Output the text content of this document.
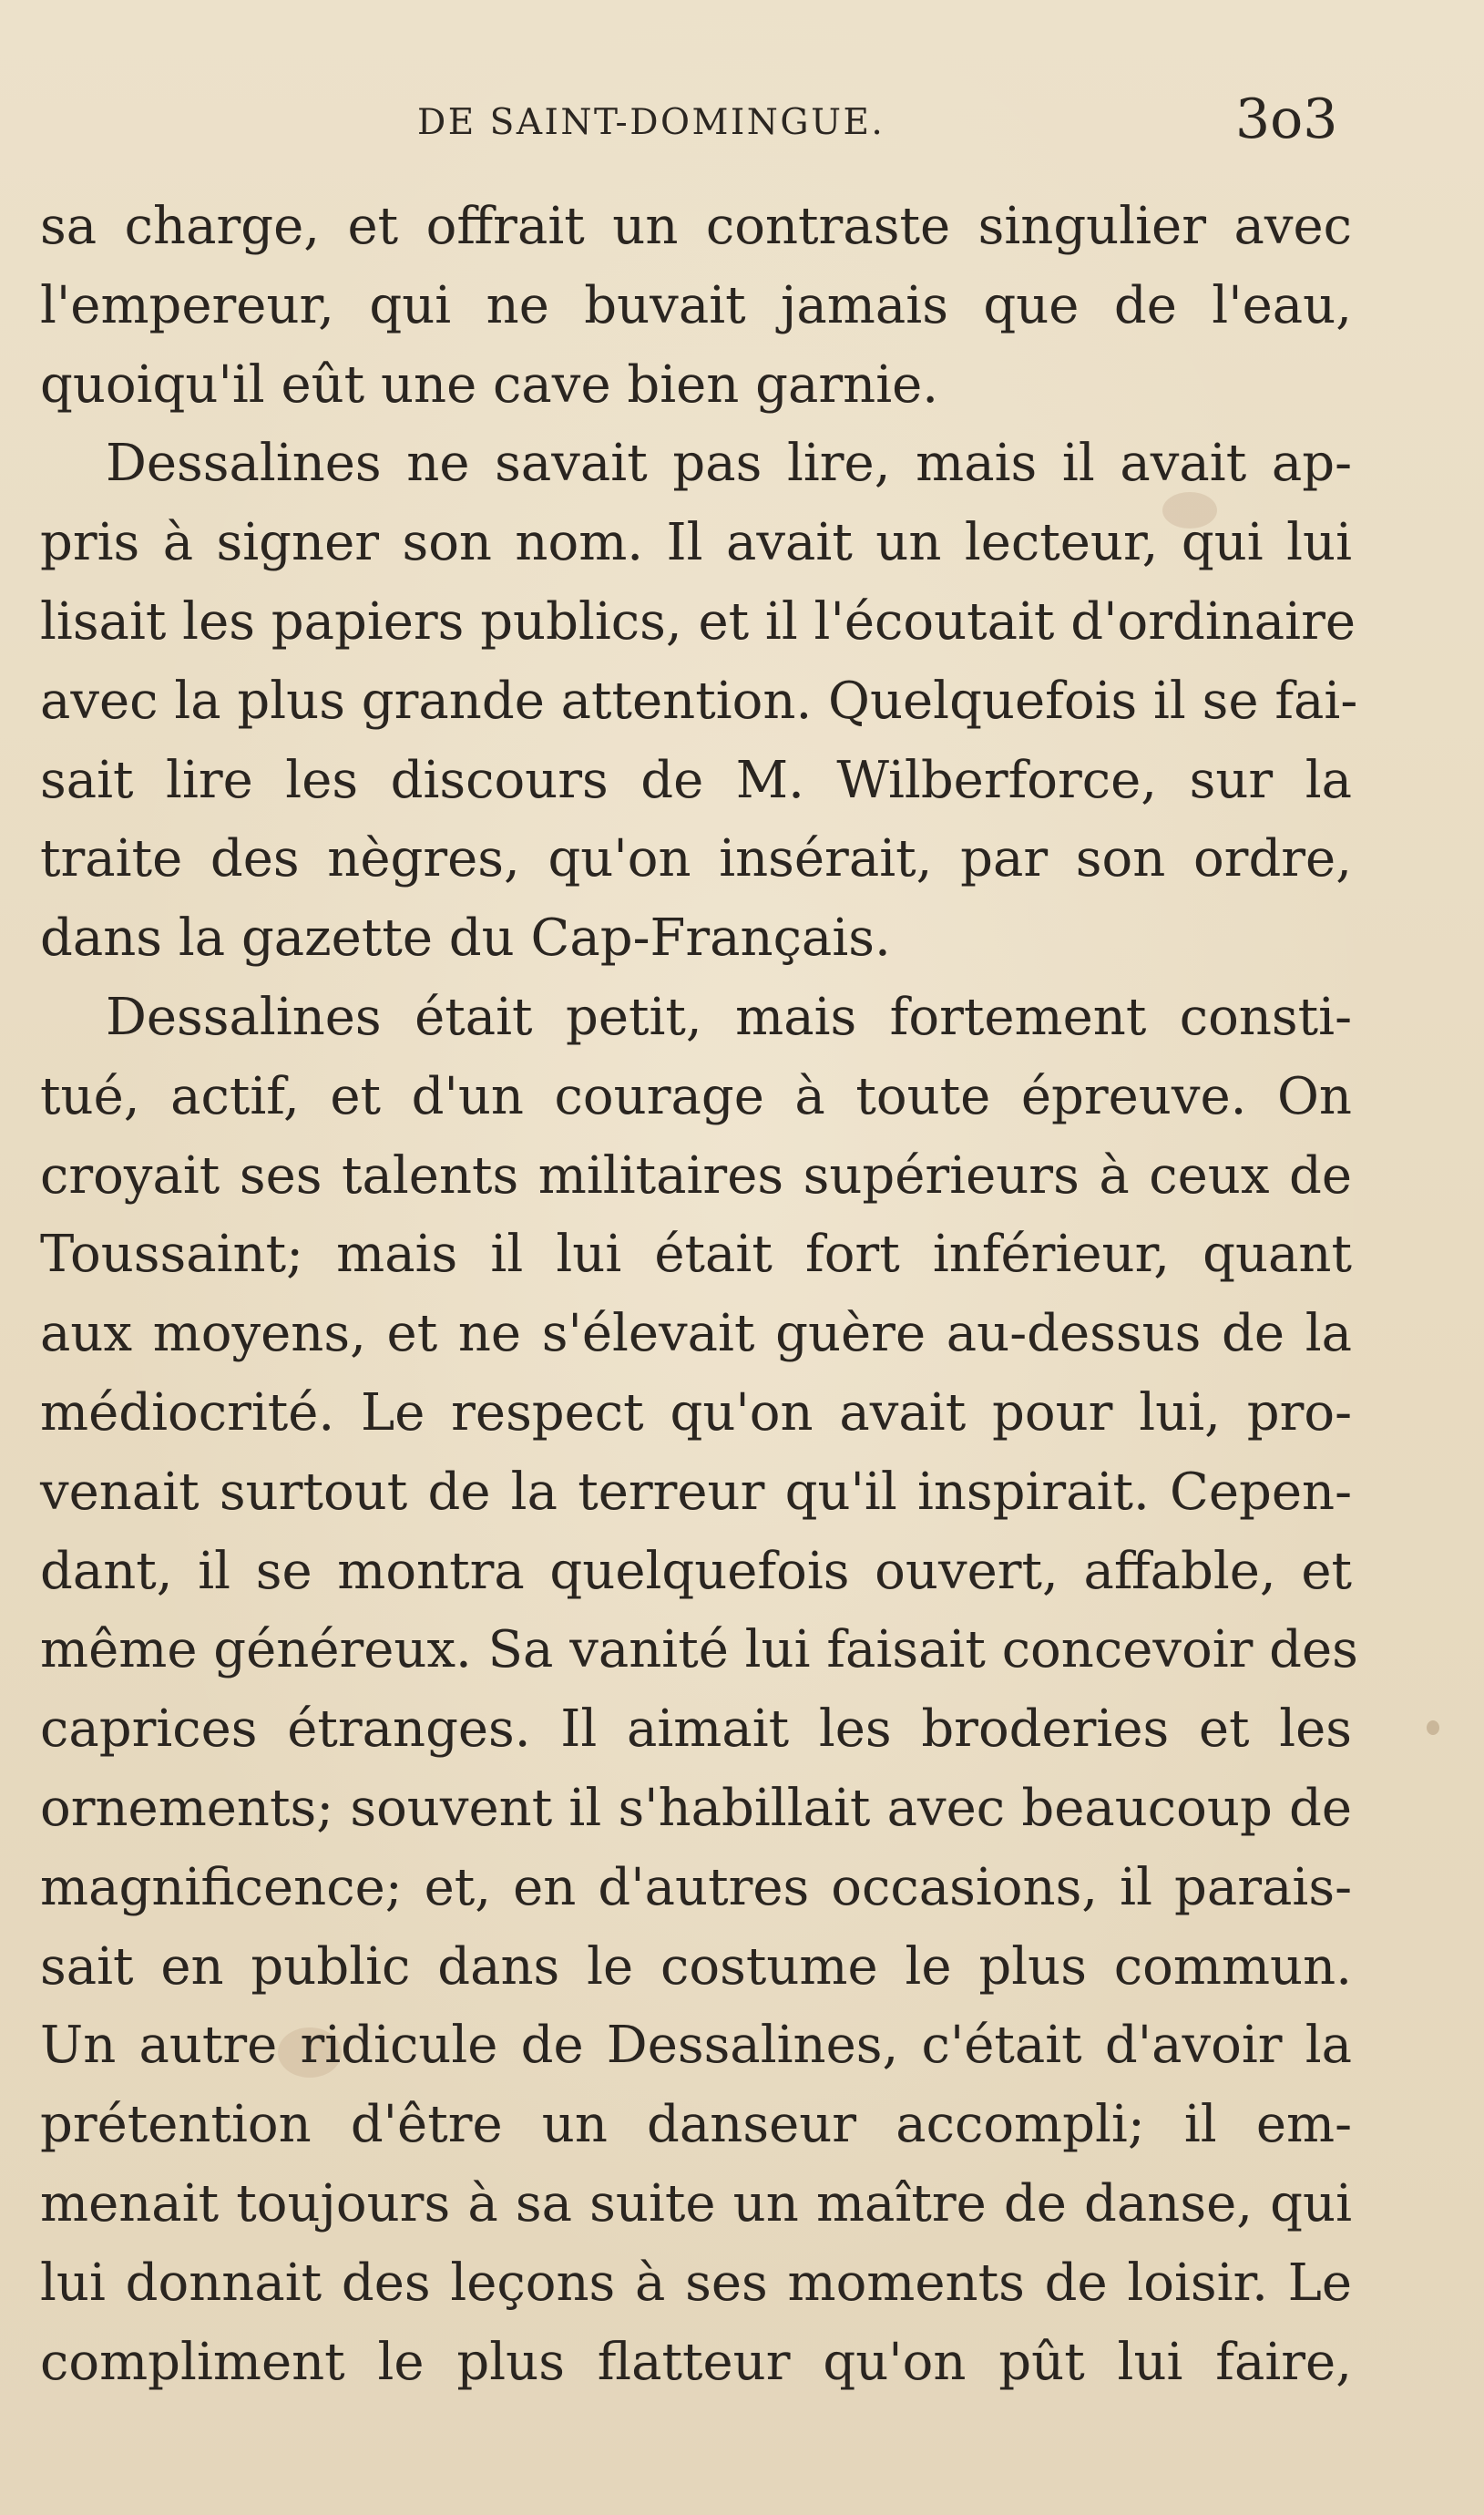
DE SAINT-DOMINGUE.	3o3
sa charge, et offrait un contraste singulier avec
l'empereur, qui ne buvait jamais que de l'eau,
quoiqu'il eût une cave bien garnie.
Dessalines ne savait pas lire, mais il avait ap-
pris à signer son nom. Il avait un lecteur, qui lui
lisait les papiers publics, et il l'écoutait d'ordinaire
avec la plus grande attention. Quelquefois il se fai-
sait lire les discours de M. Wilberforce, sur la
traite des nègres, qu'on insérait, par son ordre,
dans la gazette du Cap-Français.
Dessalines était petit, mais fortement consti-
tué, actif, et d'un courage à toute épreuve. On
croyait ses talents militaires supérieurs à ceux de
Toussaint; mais il lui était fort inférieur, quant
aux moyens, et ne s'élevait guère au-dessus de la
médiocrité. Le respect qu'on avait pour lui, pro-
venait surtout de la terreur qu'il inspirait. Cepen-
dant, il se montra quelquefois ouvert, affable, et
même généreux. Sa vanité lui faisait concevoir des
caprices étranges. Il aimait les broderies et les
ornements; souvent il s'habillait avec beaucoup de
magnificence; et, en d'autres occasions, il parais-
sait en public dans le costume le plus commun.
Un autre ridicule de Dessalines, c'était d'avoir la
prétention d'être un danseur accompli; il em-
menait toujours à sa suite un maître de danse, qui
lui donnait des leçons à ses moments de loisir. Le
compliment le plus flatteur qu'on pût lui faire,
